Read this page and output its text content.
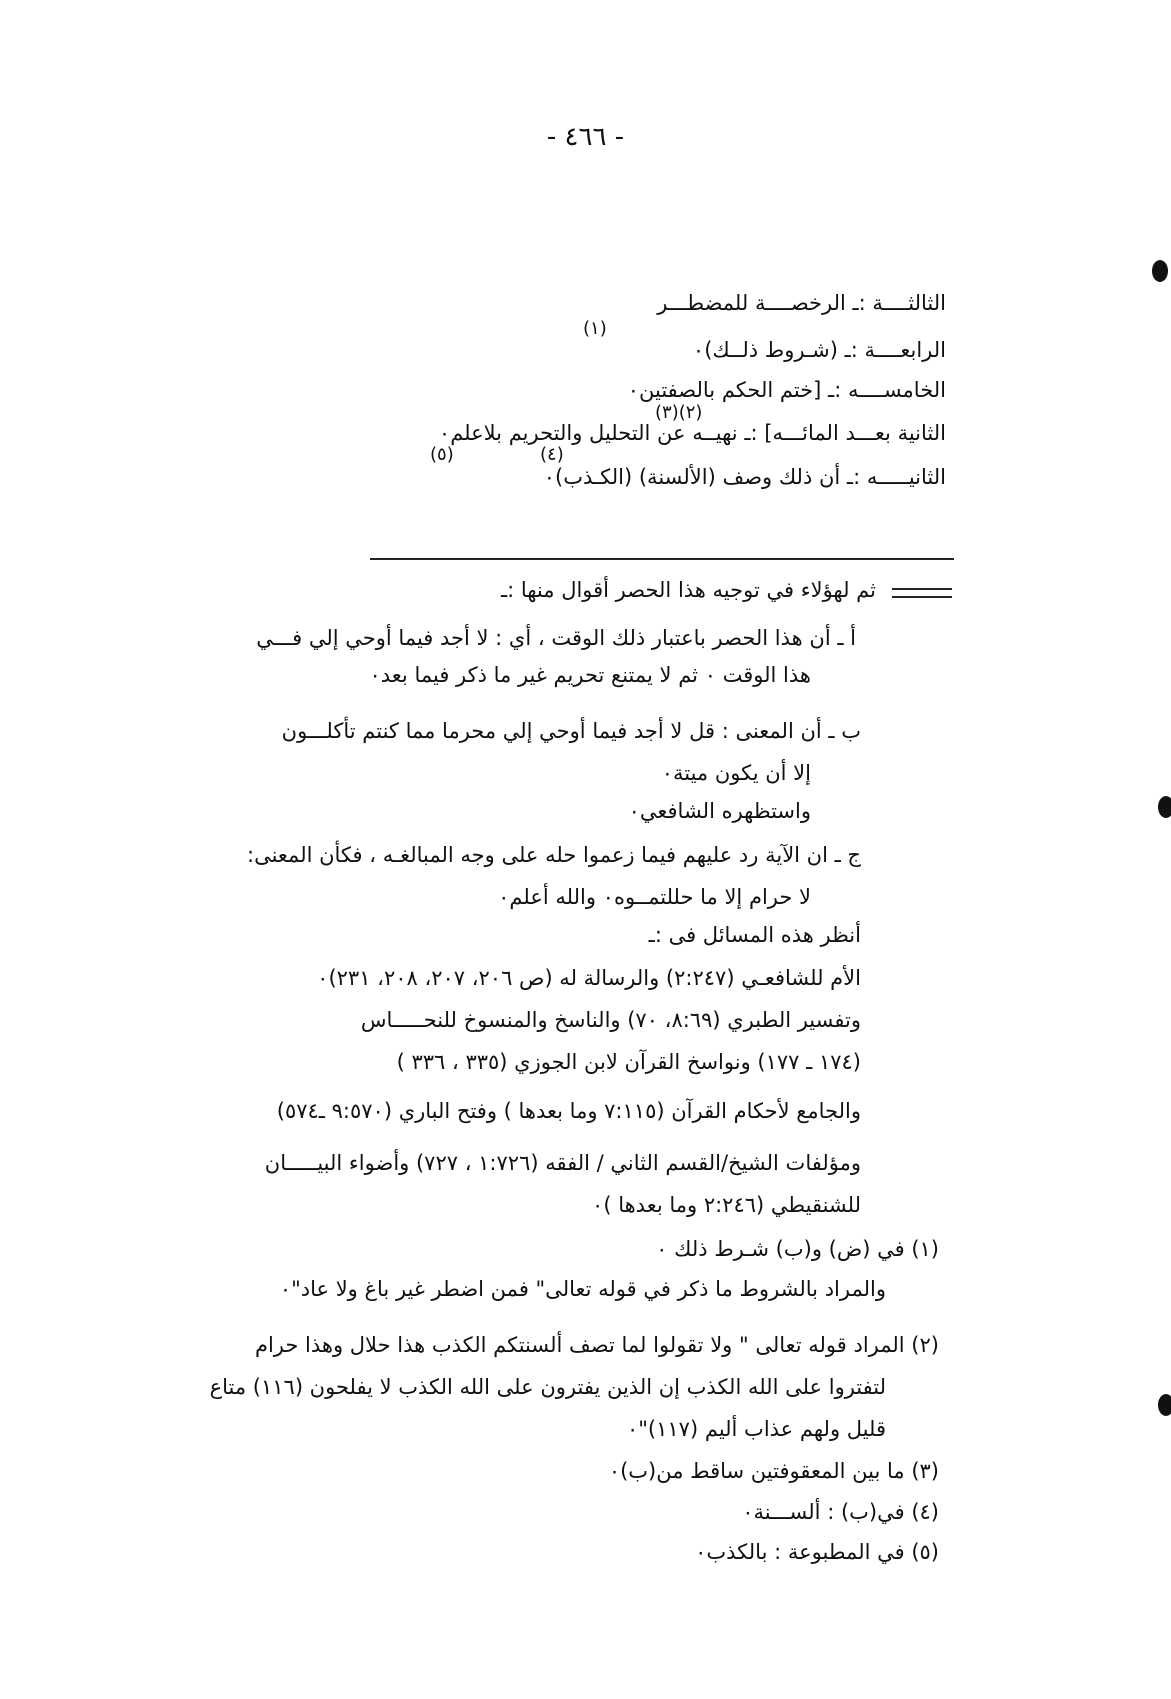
- ٤٦٦ -
الثالثــــة :ـ الرخصــــة للمضطـــر
(١)
الرابعــــة :ـ (شـروط ذلــك)٠
الخامســــه :ـ [ختم الحكم بالصفتين٠
(٢)(٣)
الثانية بعـــد المائـــه] :ـ نهيــه عن التحليل والتحريم بلاعلم٠
(٤)
(٥)
الثانيـــــه :ـ أن ذلك وصف (الألسنة) (الكـذب)٠
ثم لهؤلاء في توجيه هذا الحصر أقوال منها :ـ
أ ـ أن هذا الحصر باعتبار ذلك الوقت ، أي : لا أجد فيما أوحي إلي فـــي
هذا الوقت ٠ ثم لا يمتنع تحريم غير ما ذكر فيما بعد٠
ب ـ أن المعنى : قل لا أجد فيما أوحي إلي محرما مما كنتم تأكلـــون
إلا أن يكون ميتة٠
واستظهره الشافعي٠
ج ـ ان الآية رد عليهم فيما زعموا حله على وجه المبالغـه ، فكأن المعنى:
لا حرام إلا ما حللتمــوه٠ والله أعلم٠
أنظر هذه المسائل فى :ـ
الأم للشافعـي (٢:٢٤٧) والرسالة له (ص ٢٠٦، ٢٠٧، ٢٠٨، ٢٣١)٠
وتفسير الطبري (٨:٦٩، ٧٠) والناسخ والمنسوخ للنحـــــاس
(١٧٤ ـ ١٧٧) ونواسخ القرآن لابن الجوزي (٣٣٥ ، ٣٣٦ )
والجامع لأحكام القرآن (٧:١١٥ وما بعدها ) وفتح الباري (٩:٥٧٠ ـ٥٧٤)
ومؤلفات الشيخ/القسم الثاني / الفقه (١:٧٢٦ ، ٧٢٧) وأضواء البيـــــان
للشنقيطي (٢:٢٤٦ وما بعدها )٠
(١) في (ض) و(ب) شـرط ذلك ٠
والمراد بالشروط ما ذكر في قوله تعالى" فمن اضطر غير باغ ولا عاد"٠
(٢) المراد قوله تعالى " ولا تقولوا لما تصف ألسنتكم الكذب هذا حلال وهذا حرام
لتفتروا على الله الكذب إن الذين يفترون على الله الكذب لا يفلحون (١١٦) متاع
قليل ولهم عذاب أليم (١١٧)"٠
(٣) ما بين المعقوفتين ساقط من(ب)٠
(٤) في(ب) : ألســـنة٠
(٥) في المطبوعة : بالكذب٠
